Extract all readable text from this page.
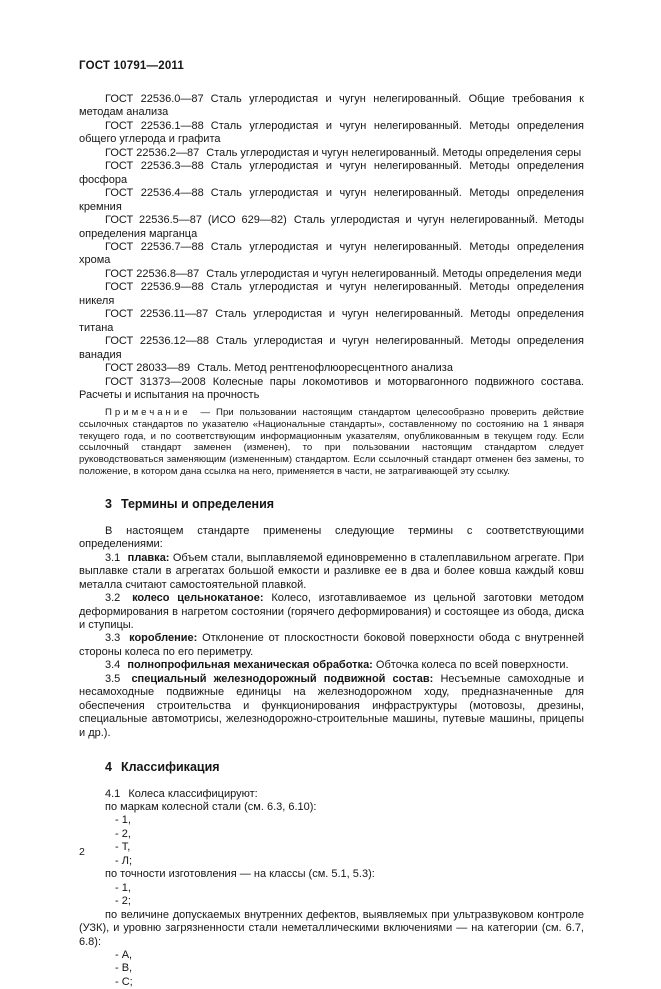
ГОСТ 10791—2011

ГОСТ 22536.0—87 Сталь углеродистая и чугун нелегированный. Общие требования к методам анализа

ГОСТ 22536.1—88 Сталь углеродистая и чугун нелегированный. Методы определения общего углерода и графита

ГОСТ 22536.2—87 Сталь углеродистая и чугун нелегированный. Методы определения серы

ГОСТ 22536.3—88 Сталь углеродистая и чугун нелегированный. Методы определения фосфора

ГОСТ 22536.4—88 Сталь углеродистая и чугун нелегированный. Методы определения кремния

ГОСТ 22536.5—87 (ИСО 629—82) Сталь углеродистая и чугун нелегированный. Методы определения марганца

ГОСТ 22536.7—88 Сталь углеродистая и чугун нелегированный. Методы определения хрома

ГОСТ 22536.8—87 Сталь углеродистая и чугун нелегированный. Методы определения меди

ГОСТ 22536.9—88 Сталь углеродистая и чугун нелегированный. Методы определения никеля

ГОСТ 22536.11—87 Сталь углеродистая и чугун нелегированный. Методы определения титана

ГОСТ 22536.12—88 Сталь углеродистая и чугун нелегированный. Методы определения ванадия

ГОСТ 28033—89 Сталь. Метод рентгенофлюоресцентного анализа

ГОСТ 31373—2008 Колесные пары локомотивов и моторвагонного подвижного состава. Расчеты и испытания на прочность

Примечание — При пользовании настоящим стандартом целесообразно проверить действие ссылочных стандартов по указателю «Национальные стандарты», составленному по состоянию на 1 января текущего года, и по соответствующим информационным указателям, опубликованным в текущем году. Если ссылочный стандарт заменен (изменен), то при пользовании настоящим стандартом следует руководствоваться заменяющим (измененным) стандартом. Если ссылочный стандарт отменен без замены, то положение, в котором дана ссылка на него, применяется в части, не затрагивающей эту ссылку.
3 Термины и определения

В настоящем стандарте применены следующие термины с соответствующими определениями:

3.1 плавка: Объем стали, выплавляемой единовременно в сталеплавильном агрегате. При выплавке стали в агрегатах большой емкости и разливке ее в два и более ковша каждый ковш металла считают самостоятельной плавкой.

3.2 колесо цельнокатаное: Колесо, изготавливаемое из цельной заготовки методом деформирования в нагретом состоянии (горячего деформирования) и состоящее из обода, диска и ступицы.

3.3 коробление: Отклонение от плоскостности боковой поверхности обода с внутренней стороны колеса по его периметру.

3.4 полнопрофильная механическая обработка: Обточка колеса по всей поверхности.

3.5 специальный железнодорожный подвижной состав: Несъемные самоходные и несамоходные подвижные единицы на железнодорожном ходу, предназначенные для обеспечения строительства и функционирования инфраструктуры (мотовозы, дрезины, специальные автомотрисы, железнодорожно-строительные машины, путевые машины, прицепы и др.).

4 Классификация

4.1 Колеса классифицируют:

по маркам колесной стали (см. 6.3, 6.10):

- 1,
- 2,
- Т,
- Л;

по точности изготовления — на классы (см. 5.1, 5.3):

- 1,
- 2;

по величине допускаемых внутренних дефектов, выявляемых при ультразвуковом контроле (УЗК), и уровню загрязненности стали неметаллическими включениями — на категории (см. 6.7, 6.8):

- А,
- В,
- С;
2
